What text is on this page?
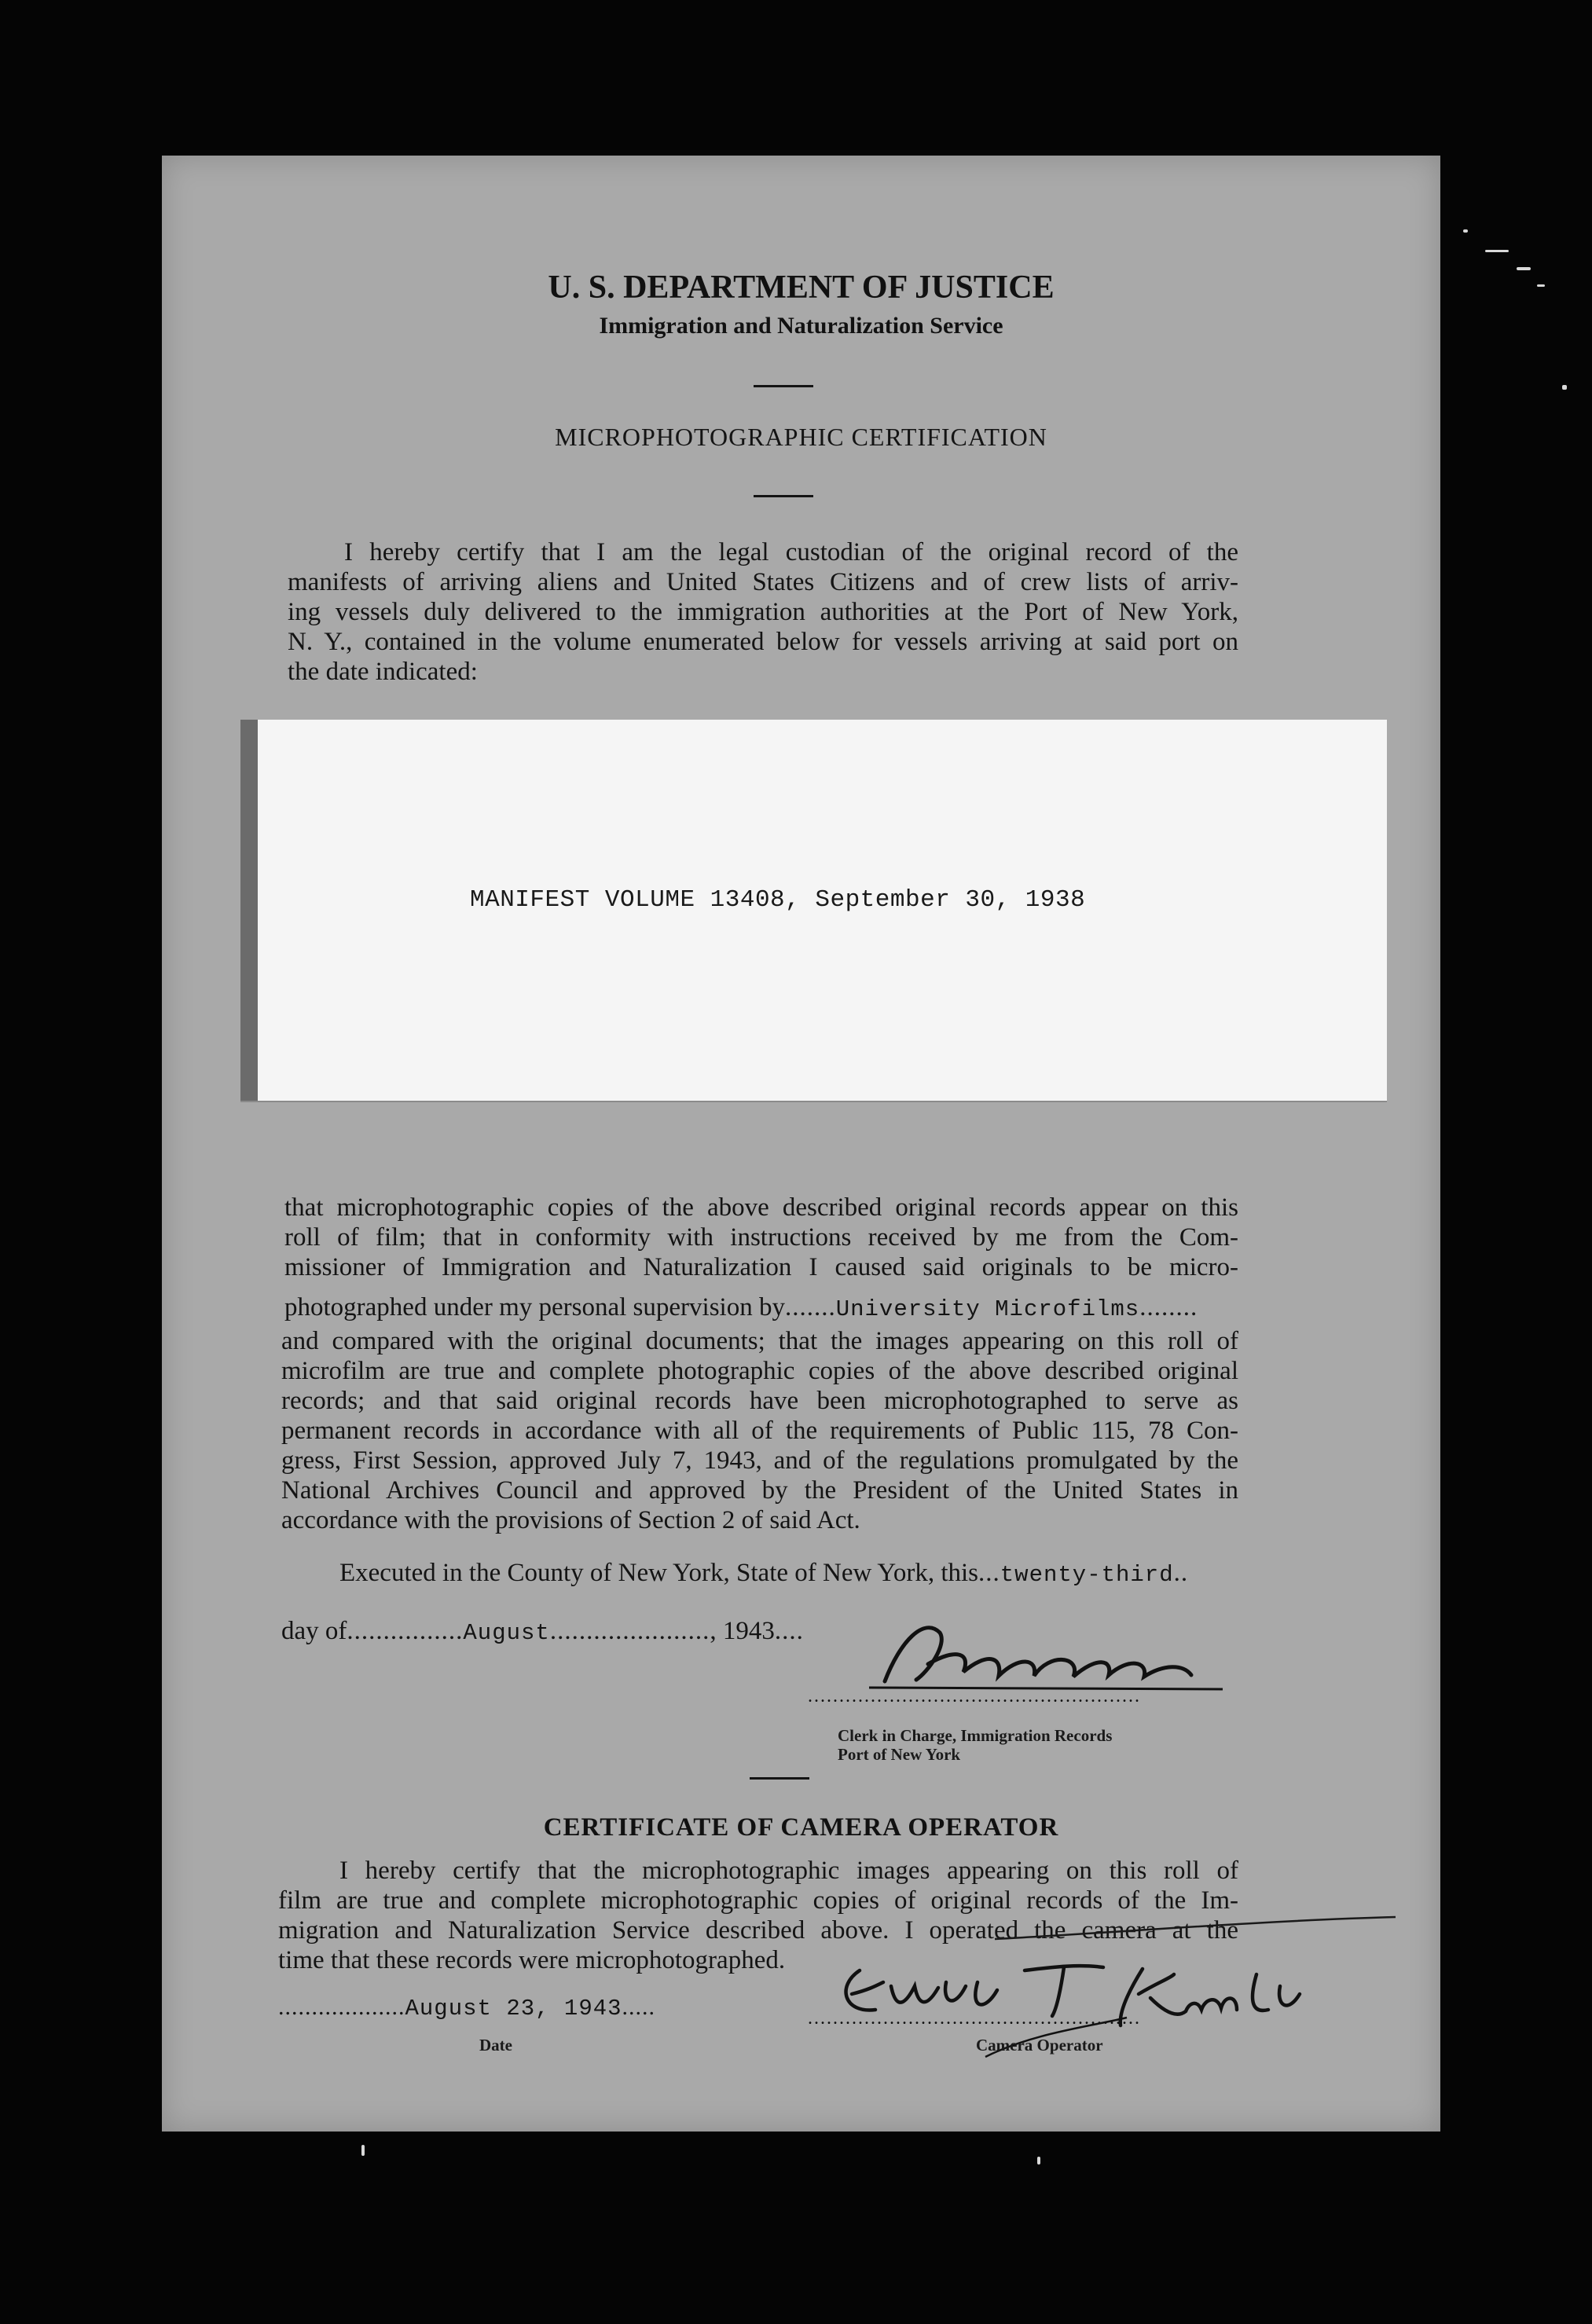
U. S. DEPARTMENT OF JUSTICE
Immigration and Naturalization Service
MICROPHOTOGRAPHIC CERTIFICATION
I hereby certify that I am the legal custodian of the original record of the
manifests of arriving aliens and United States Citizens and of crew lists of arriv-
ing vessels duly delivered to the immigration authorities at the Port of New York,
N. Y., contained in the volume enumerated below for vessels arriving at said port on
the date indicated:
MANIFEST VOLUME 13408, September 30, 1938
that microphotographic copies of the above described original records appear on this
roll of film; that in conformity with instructions received by me from the Com-
missioner of Immigration and Naturalization I caused said originals to be micro-
photographed under my personal supervision by.......University Microfilms........
and compared with the original documents; that the images appearing on this roll of
microfilm are true and complete photographic copies of the above described original
records; and that said original records have been microphotographed to serve as
permanent records in accordance with all of the requirements of Public 115, 78 Con-
gress, First Session, approved July 7, 1943, and of the regulations promulgated by the
National Archives Council and approved by the President of the United States in
accordance with the provisions of Section 2 of said Act.
Executed in the County of New York, State of New York, this...twenty-third..
day of................August......................, 1943....
.....................................................
Clerk in Charge, Immigration Records
Port of New York
CERTIFICATE OF CAMERA OPERATOR
I hereby certify that the microphotographic images appearing on this roll of
film are true and complete microphotographic copies of original records of the Im-
migration and Naturalization Service described above. I operated the camera at the
time that these records were microphotographed.
...................August 23, 1943.....
Date
.....................................................
Camera Operator
